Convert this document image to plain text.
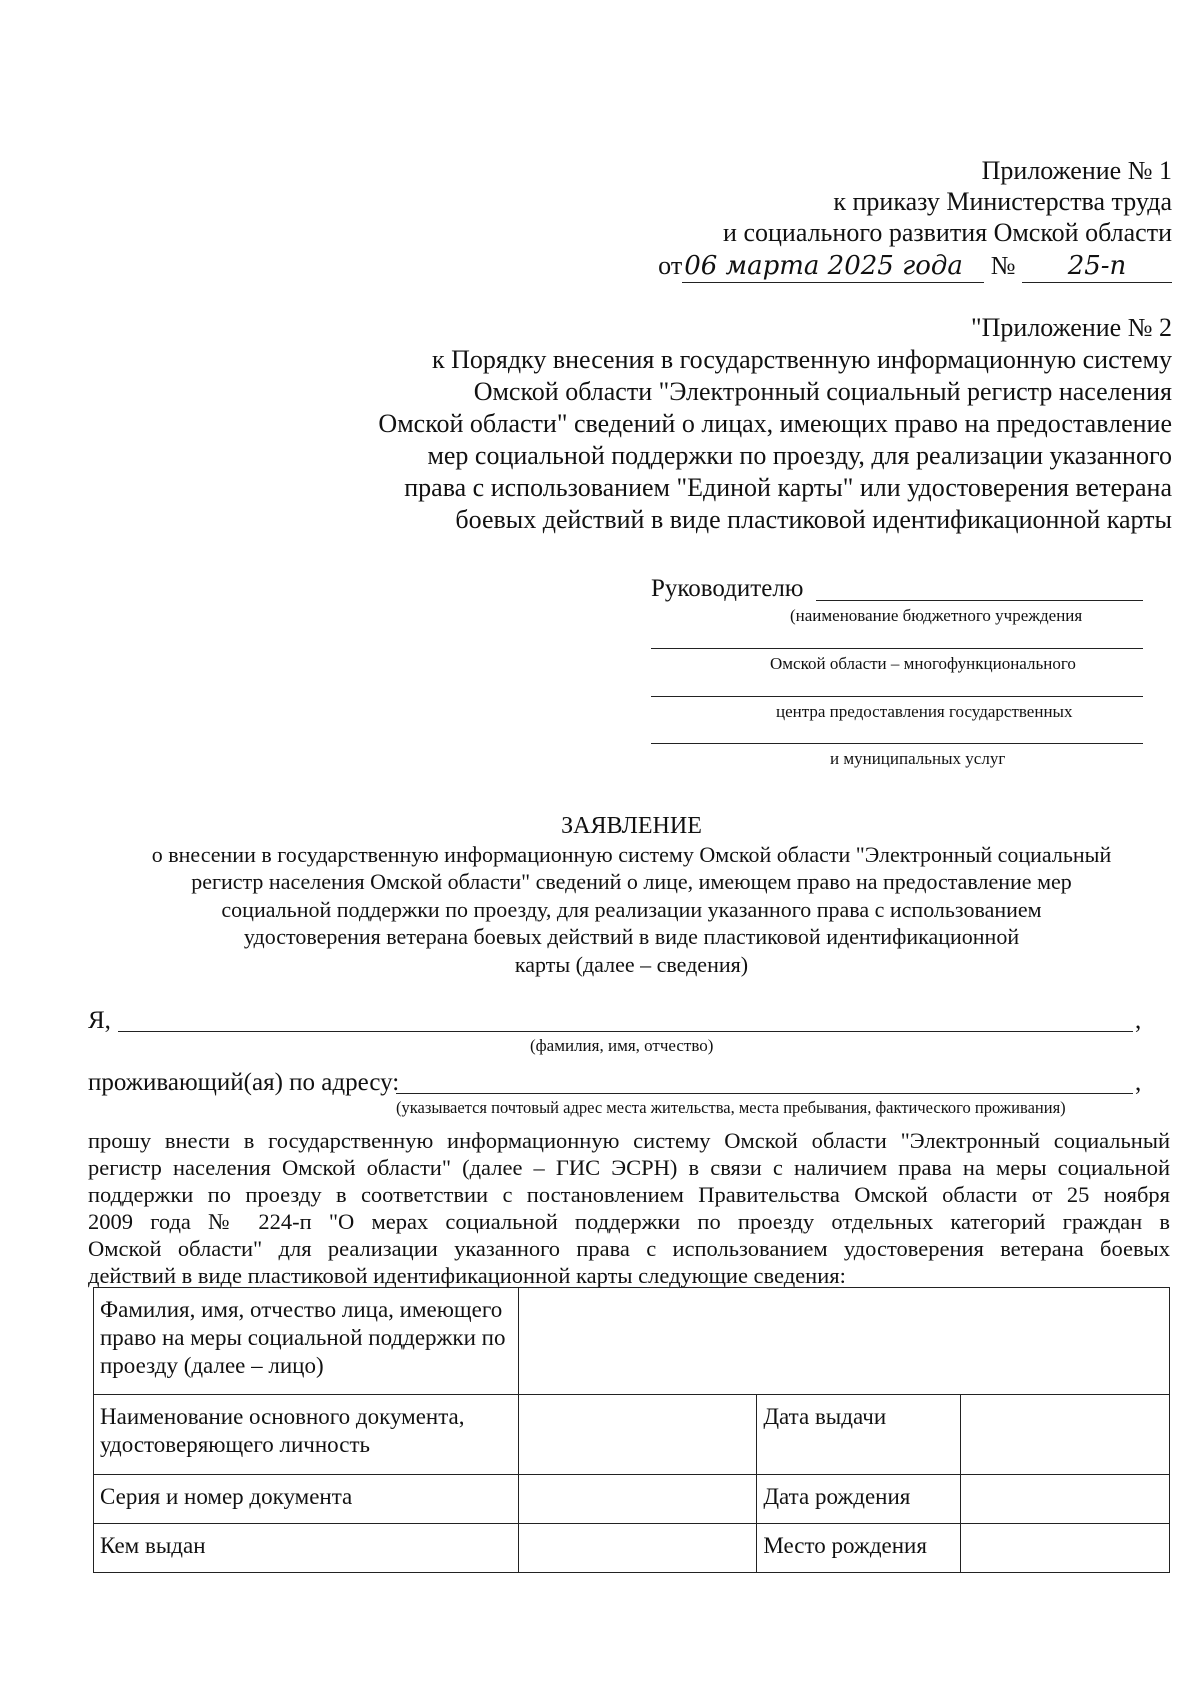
Приложение № 1
к приказу Министерства труда
и социального развития Омской области
от06 марта 2025 года № 25-п
"Приложение № 2
к Порядку внесения в государственную информационную систему
Омской области "Электронный социальный регистр населения
Омской области" сведений о лицах, имеющих право на предоставление
мер социальной поддержки по проезду, для реализации указанного
права с использованием "Единой карты" или удостоверения ветерана
боевых действий в виде пластиковой идентификационной карты
Руководителю
(наименование бюджетного учреждения
Омской области – многофункционального
центра предоставления государственных
и муниципальных услуг
ЗАЯВЛЕНИЕ
о внесении в государственную информационную систему Омской области "Электронный социальный
регистр населения Омской области" сведений о лице, имеющем право на предоставление мер
социальной поддержки по проезду, для реализации указанного права с использованием
удостоверения ветерана боевых действий в виде пластиковой идентификационной
карты (далее – сведения)
Я,	,
(фамилия, имя, отчество)
проживающий(ая) по адресу:	,
(указывается почтовый адрес места жительства, места пребывания, фактического проживания)
прошу внести в государственную информационную систему Омской области "Электронный социальный
регистр населения Омской области" (далее – ГИС ЭСРН) в связи с наличием права на меры социальной
поддержки по проезду в соответствии с постановлением Правительства Омской области от 25 ноября
2009 года № 224-п "О мерах социальной поддержки по проезду отдельных категорий граждан в
Омской области" для реализации указанного права с использованием удостоверения ветерана боевых
действий в виде пластиковой идентификационной карты следующие сведения:
Фамилия, имя, отчество лица, имеющего право на меры социальной поддержки по проезду (далее – лицо)			
Наименование основного документа, удостоверяющего личность		Дата выдачи	
Серия и номер документа		Дата рождения	
Кем выдан		Место рождения	
